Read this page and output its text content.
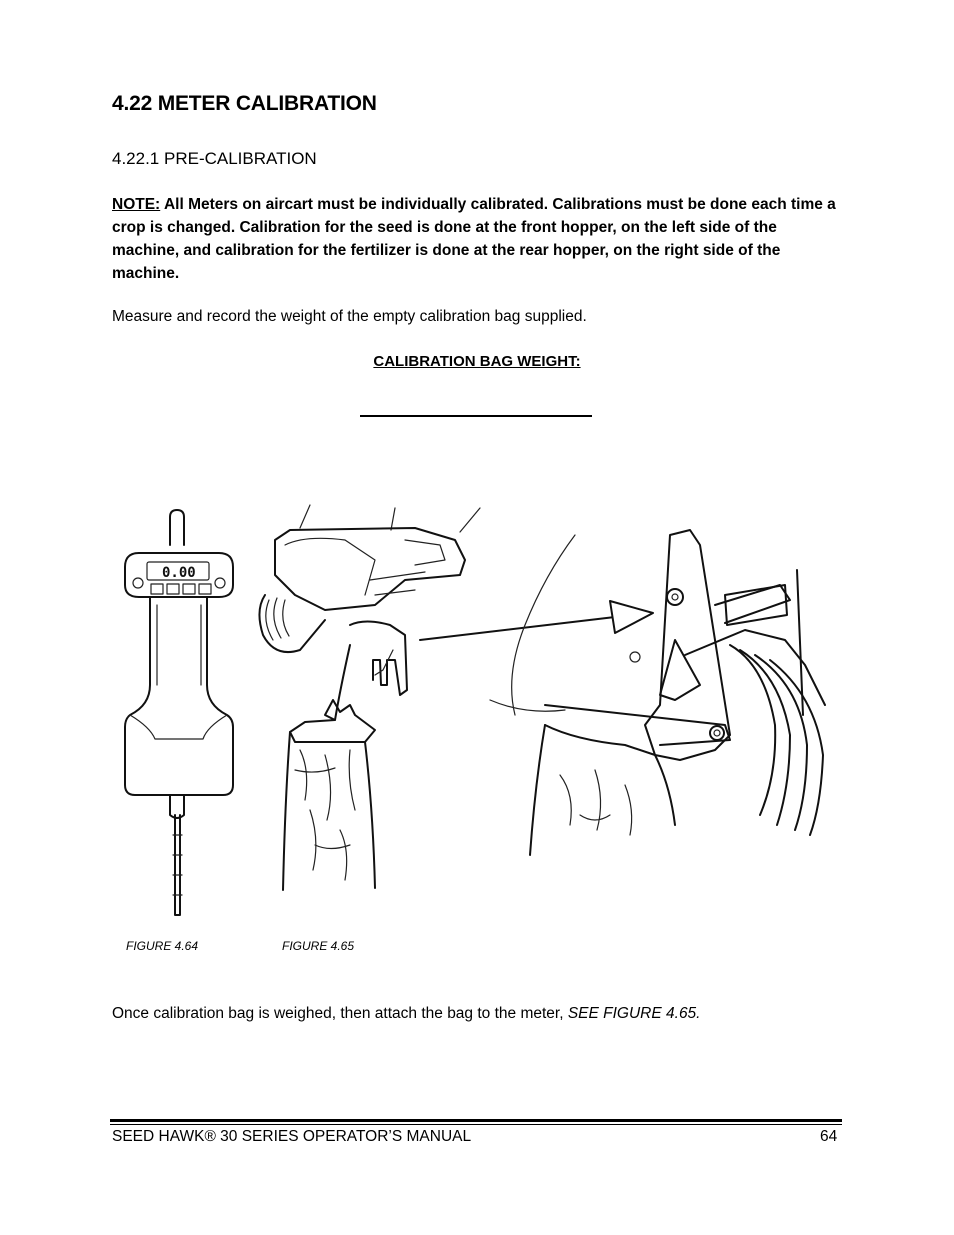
4.22 METER CALIBRATION
4.22.1 PRE-CALIBRATION
NOTE: All Meters on aircart must be individually calibrated. Calibrations must be done each time a crop is changed. Calibration for the seed is done at the front hopper, on the left side of the machine, and calibration for the fertilizer is done at the rear hopper, on the right side of the machine.
Measure and record the weight of the empty calibration bag supplied.
CALIBRATION BAG WEIGHT:
0.00
FIGURE 4.64	FIGURE 4.65
Once calibration bag is weighed, then attach the bag to the meter, SEE FIGURE 4.65.
SEED HAWK® 30 SERIES OPERATOR’S MANUAL	64
